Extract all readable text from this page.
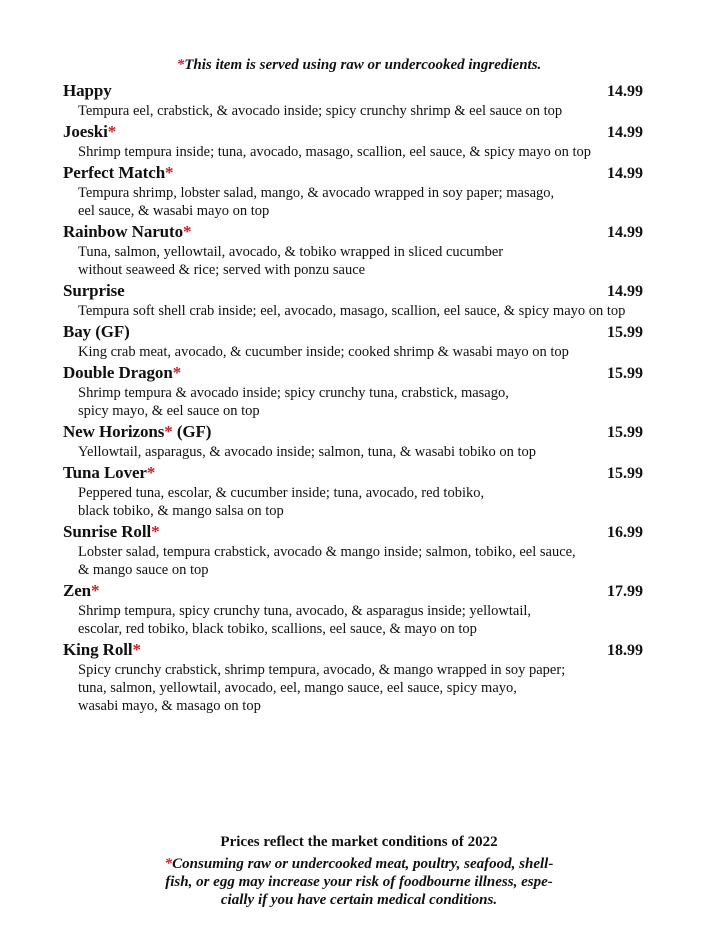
*This item is served using raw or undercooked ingredients.
Happy	14.99
Tempura eel, crabstick, & avocado inside; spicy crunchy shrimp & eel sauce on top
Joeski*	14.99
Shrimp tempura inside; tuna, avocado, masago, scallion, eel sauce, & spicy mayo on top
Perfect Match*	14.99
Tempura shrimp, lobster salad, mango, & avocado wrapped in soy paper; masago,
eel sauce, & wasabi mayo on top
Rainbow Naruto*	14.99
Tuna, salmon, yellowtail, avocado, & tobiko wrapped in sliced cucumber
without seaweed & rice; served with ponzu sauce
Surprise	14.99
Tempura soft shell crab inside; eel, avocado, masago, scallion, eel sauce, & spicy mayo on top
Bay (GF)	15.99
King crab meat, avocado, & cucumber inside; cooked shrimp & wasabi mayo on top
Double Dragon*	15.99
Shrimp tempura & avocado inside; spicy crunchy tuna, crabstick, masago,
spicy mayo, & eel sauce on top
New Horizons* (GF)	15.99
Yellowtail, asparagus, & avocado inside; salmon, tuna, & wasabi tobiko on top
Tuna Lover*	15.99
Peppered tuna, escolar, & cucumber inside; tuna, avocado, red tobiko,
black tobiko, & mango salsa on top
Sunrise Roll*	16.99
Lobster salad, tempura crabstick, avocado & mango inside; salmon, tobiko, eel sauce,
& mango sauce on top
Zen*	17.99
Shrimp tempura, spicy crunchy tuna, avocado, & asparagus inside; yellowtail,
escolar, red tobiko, black tobiko, scallions, eel sauce, & mayo on top
King Roll*	18.99
Spicy crunchy crabstick, shrimp tempura, avocado, & mango wrapped in soy paper;
tuna, salmon, yellowtail, avocado, eel, mango sauce, eel sauce, spicy mayo,
wasabi mayo, & masago on top
Prices reflect the market conditions of 2022
*Consuming raw or undercooked meat, poultry, seafood, shell-
fish, or egg may increase your risk of foodbourne illness, espe-
cially if you have certain medical conditions.
